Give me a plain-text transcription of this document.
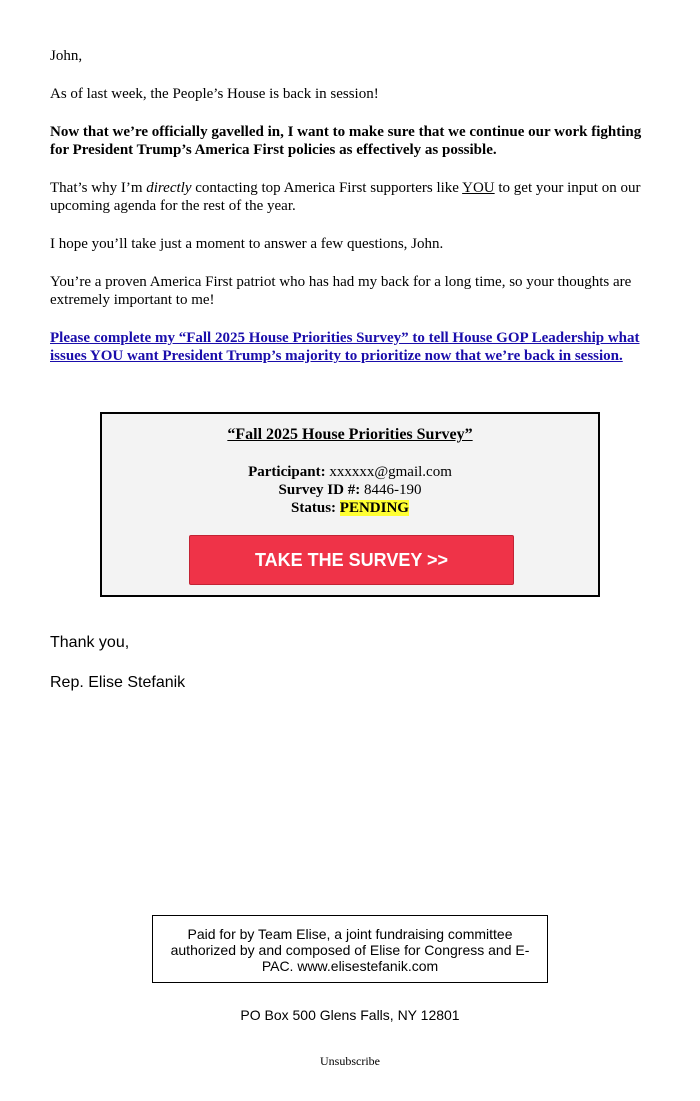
John,

As of last week, the People’s House is back in session!

Now that we’re officially gavelled in, I want to make sure that we continue our work fighting for President Trump’s America First policies as effectively as possible.

That’s why I’m directly contacting top America First supporters like YOU to get your input on our upcoming agenda for the rest of the year.

I hope you’ll take just a moment to answer a few questions, John.

You’re a proven America First patriot who has had my back for a long time, so your thoughts are extremely important to me!

Please complete my “Fall 2025 House Priorities Survey” to tell House GOP Leadership what issues YOU want President Trump’s majority to prioritize now that we’re back in session.
“Fall 2025 House Priorities Survey”
Participant: xxxxxx@gmail.com
Survey ID #: 8446-190
Status: PENDING
TAKE THE SURVEY >>
Thank you,
Rep. Elise Stefanik
Paid for by Team Elise, a joint fundraising committee authorized by and composed of Elise for Congress and E-PAC. www.elisestefanik.com
PO Box 500 Glens Falls, NY 12801
Unsubscribe
